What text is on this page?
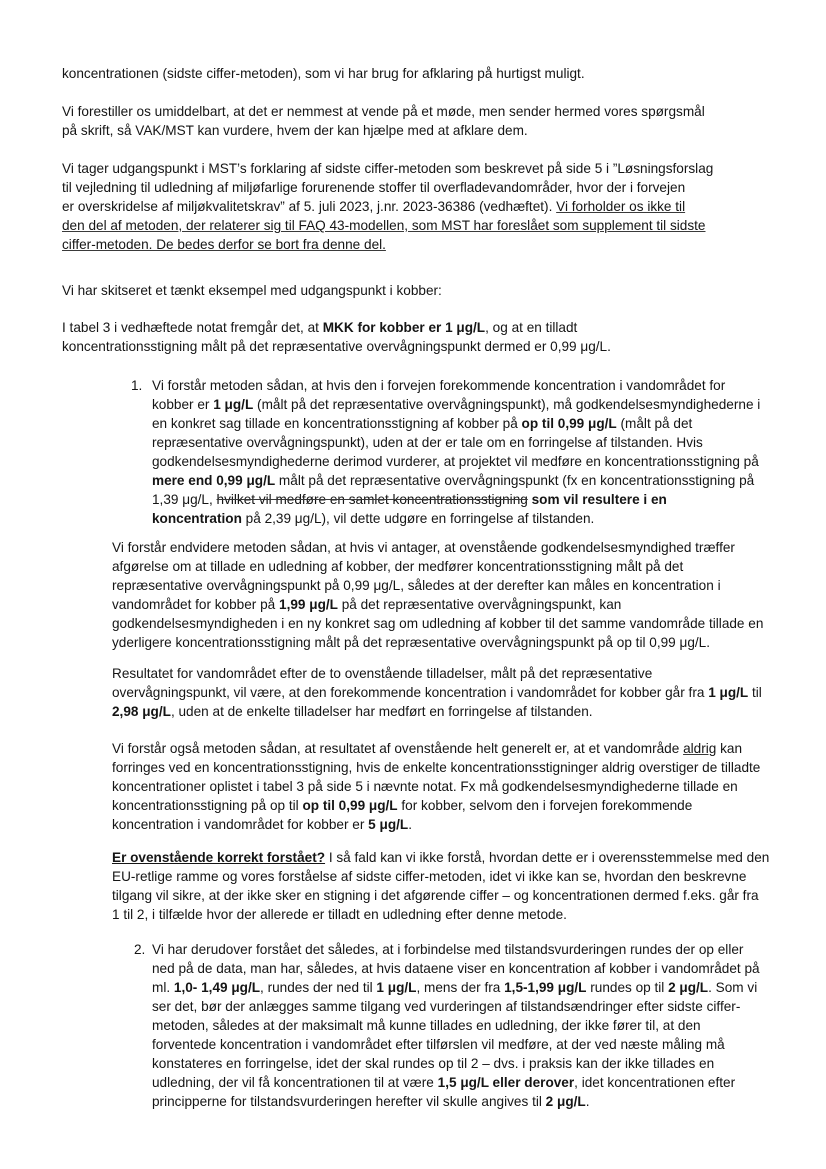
koncentrationen (sidste ciffer-metoden), som vi har brug for afklaring på hurtigst muligt.

Vi forestiller os umiddelbart, at det er nemmest at vende på et møde, men sender hermed vores spørgsmål
på skrift, så VAK/MST kan vurdere, hvem der kan hjælpe med at afklare dem.

Vi tager udgangspunkt i MST’s forklaring af sidste ciffer-metoden som beskrevet på side 5 i ”Løsningsforslag
til vejledning til udledning af miljøfarlige forurenende stoffer til overfladevandområder, hvor der i forvejen
er overskridelse af miljøkvalitetskrav” af 5. juli 2023, j.nr. 2023-36386 (vedhæftet). Vi forholder os ikke til
den del af metoden, der relaterer sig til FAQ 43-modellen, som MST har foreslået som supplement til sidste
ciffer-metoden. De bedes derfor se bort fra denne del.

Vi har skitseret et tænkt eksempel med udgangspunkt i kobber:

I tabel 3 i vedhæftede notat fremgår det, at MKK for kobber er 1 μg/L, og at en tilladt
koncentrationsstigning målt på det repræsentative overvågningspunkt dermed er 0,99 μg/L.

1. Vi forstår metoden sådan, at hvis den i forvejen forekommende koncentration i vandområdet for
kobber er 1 μg/L (målt på det repræsentative overvågningspunkt), må godkendelsesmyndighederne i
en konkret sag tillade en koncentrationsstigning af kobber på op til 0,99 μg/L (målt på det
repræsentative overvågningspunkt), uden at der er tale om en forringelse af tilstanden. Hvis
godkendelsesmyndighederne derimod vurderer, at projektet vil medføre en koncentrationsstigning på
mere end 0,99 μg/L målt på det repræsentative overvågningspunkt (fx en koncentrationsstigning på
1,39 μg/L, hvilket vil medføre en samlet koncentrationsstigning som vil resultere i en
koncentration på 2,39 μg/L), vil dette udgøre en forringelse af tilstanden.

Vi forstår endvidere metoden sådan, at hvis vi antager, at ovenstående godkendelsesmyndighed træffer
afgørelse om at tillade en udledning af kobber, der medfører koncentrationsstigning målt på det
repræsentative overvågningspunkt på 0,99 μg/L, således at der derefter kan måles en koncentration i
vandområdet for kobber på 1,99 μg/L på det repræsentative overvågningspunkt, kan
godkendelsesmyndigheden i en ny konkret sag om udledning af kobber til det samme vandområde tillade en
yderligere koncentrationsstigning målt på det repræsentative overvågningspunkt på op til 0,99 μg/L.

Resultatet for vandområdet efter de to ovenstående tilladelser, målt på det repræsentative
overvågningspunkt, vil være, at den forekommende koncentration i vandområdet for kobber går fra 1 μg/L til
2,98 μg/L, uden at de enkelte tilladelser har medført en forringelse af tilstanden.

Vi forstår også metoden sådan, at resultatet af ovenstående helt generelt er, at et vandområde aldrig kan
forringes ved en koncentrationsstigning, hvis de enkelte koncentrationsstigninger aldrig overstiger de tilladte
koncentrationer oplistet i tabel 3 på side 5 i nævnte notat. Fx må godkendelsesmyndighederne tillade en
koncentrationsstigning på op til op til 0,99 μg/L for kobber, selvom den i forvejen forekommende
koncentration i vandområdet for kobber er 5 μg/L.

Er ovenstående korrekt forstået? I så fald kan vi ikke forstå, hvordan dette er i overensstemmelse med den
EU-retlige ramme og vores forståelse af sidste ciffer-metoden, idet vi ikke kan se, hvordan den beskrevne
tilgang vil sikre, at der ikke sker en stigning i det afgørende ciffer – og koncentrationen dermed f.eks. går fra
1 til 2, i tilfælde hvor der allerede er tilladt en udledning efter denne metode.

2. Vi har derudover forstået det således, at i forbindelse med tilstandsvurderingen rundes der op eller
ned på de data, man har, således, at hvis dataene viser en koncentration af kobber i vandområdet på
ml. 1,0- 1,49 μg/L, rundes der ned til 1 μg/L, mens der fra 1,5-1,99 μg/L rundes op til 2 μg/L. Som vi
ser det, bør der anlægges samme tilgang ved vurderingen af tilstandsændringer efter sidste ciffer-
metoden, således at der maksimalt må kunne tillades en udledning, der ikke fører til, at den
forventede koncentration i vandområdet efter tilførslen vil medføre, at der ved næste måling må
konstateres en forringelse, idet der skal rundes op til 2 – dvs. i praksis kan der ikke tillades en
udledning, der vil få koncentrationen til at være 1,5 μg/L eller derover, idet koncentrationen efter
principperne for tilstandsvurderingen herefter vil skulle angives til 2 μg/L.
